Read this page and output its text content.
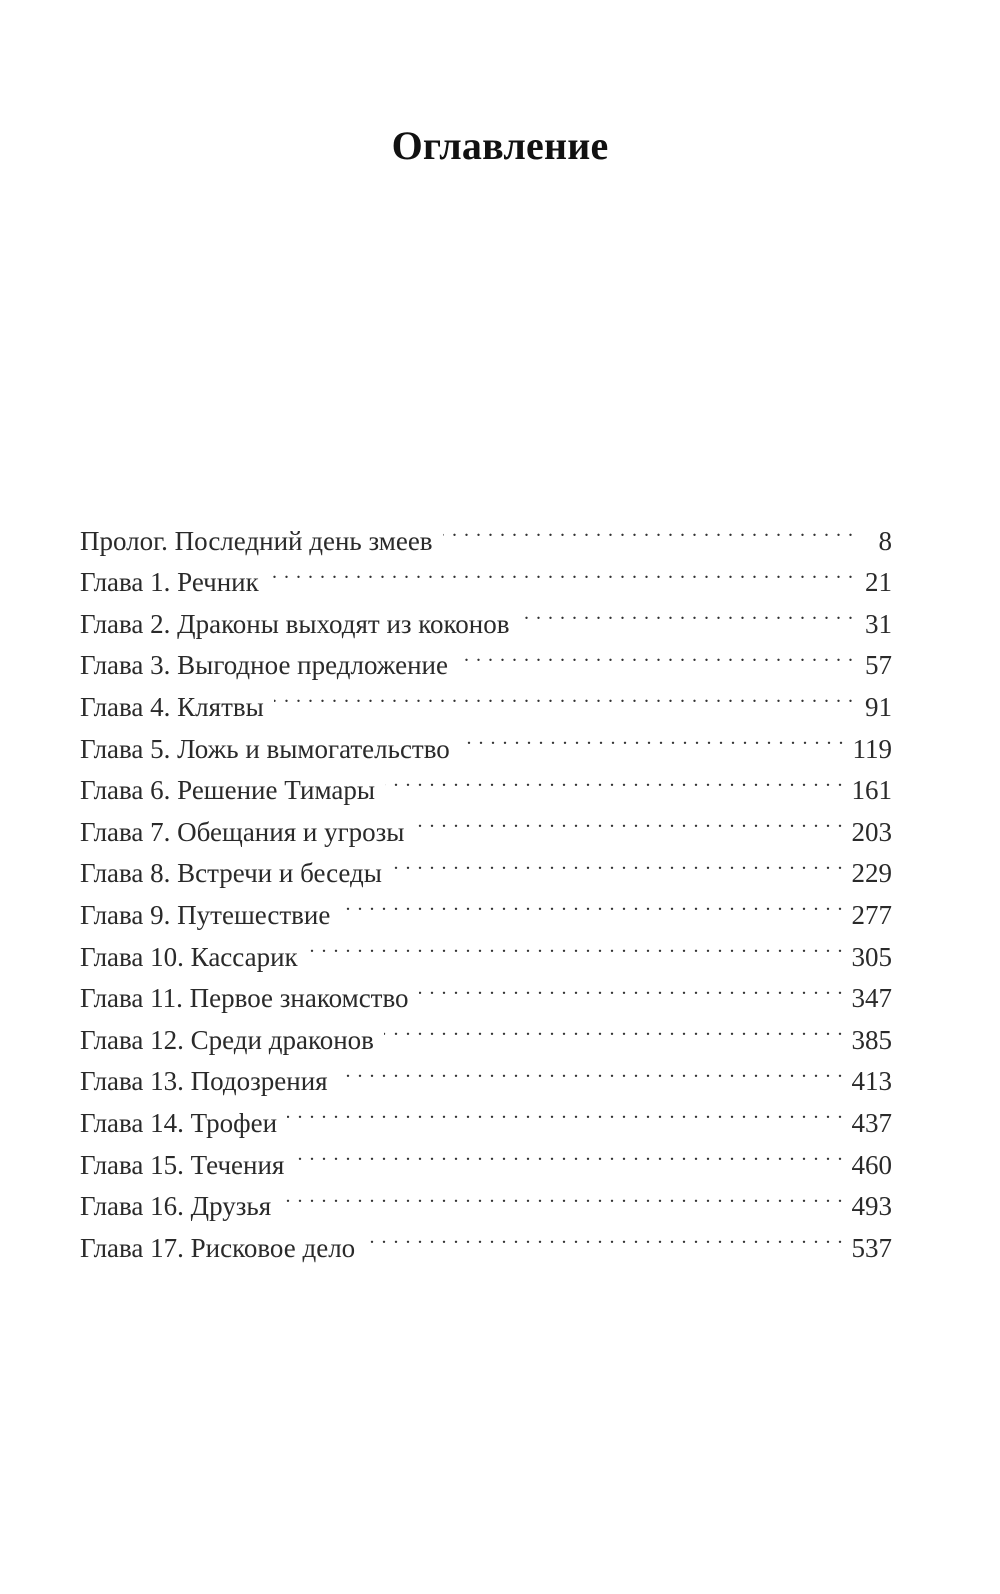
Оглавление
Пролог. Последний день змеев . . .	8
Глава 1. Речник . . .	21
Глава 2. Драконы выходят из коконов . . .	31
Глава 3. Выгодное предложение . . .	57
Глава 4. Клятвы . . .	91
Глава 5. Ложь и вымогательство . . .	119
Глава 6. Решение Тимары . . .	161
Глава 7. Обещания и угрозы . . .	203
Глава 8. Встречи и беседы . . .	229
Глава 9. Путешествие . . .	277
Глава 10. Кассарик . . .	305
Глава 11. Первое знакомство . . .	347
Глава 12. Среди драконов . . .	385
Глава 13. Подозрения . . .	413
Глава 14. Трофеи . . .	437
Глава 15. Течения . . .	460
Глава 16. Друзья . . .	493
Глава 17. Рисковое дело . . .	537
